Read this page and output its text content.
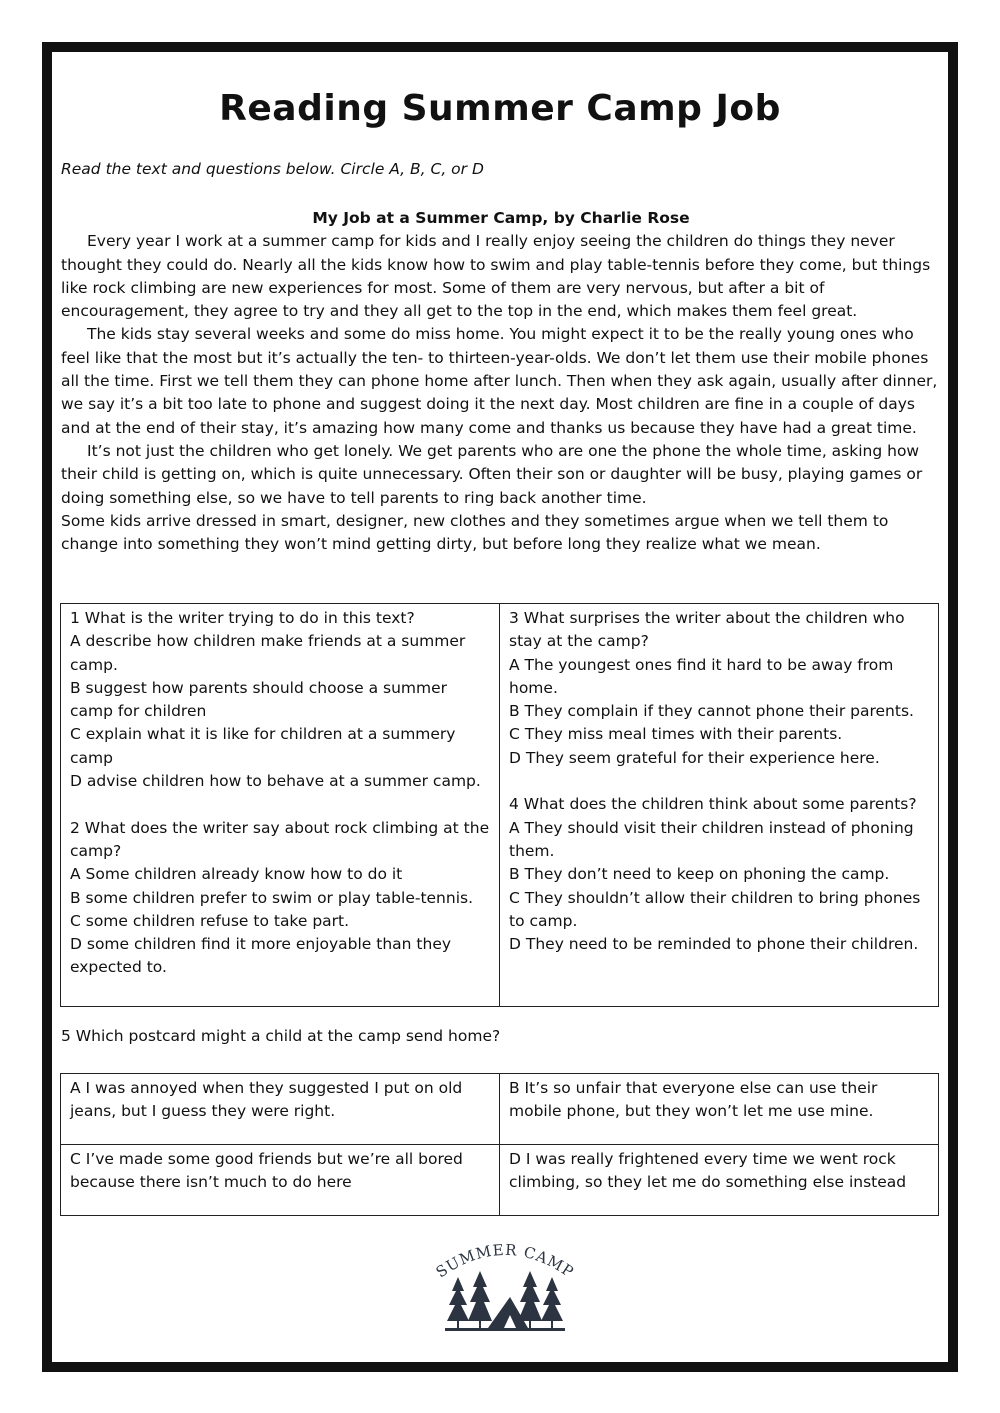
Reading Summer Camp Job
Read the text and questions below. Circle A, B, C, or D
My Job at a Summer Camp, by Charlie Rose

Every year I work at a summer camp for kids and I really enjoy seeing the children do things they never thought they could do. Nearly all the kids know how to swim and play table-tennis before they come, but things like rock climbing are new experiences for most. Some of them are very nervous, but after a bit of encouragement, they agree to try and they all get to the top in the end, which makes them feel great.

The kids stay several weeks and some do miss home. You might expect it to be the really young ones who feel like that the most but it’s actually the ten- to thirteen-year-olds. We don’t let them use their mobile phones all the time. First we tell them they can phone home after lunch. Then when they ask again, usually after dinner, we say it’s a bit too late to phone and suggest doing it the next day. Most children are fine in a couple of days and at the end of their stay, it’s amazing how many come and thanks us because they have had a great time.

It’s not just the children who get lonely. We get parents who are one the phone the whole time, asking how their child is getting on, which is quite unnecessary. Often their son or daughter will be busy, playing games or doing something else, so we have to tell parents to ring back another time.

Some kids arrive dressed in smart, designer, new clothes and they sometimes argue when we tell them to change into something they won’t mind getting dirty, but before long they realize what we mean.

1 What is the writer trying to do in this text?
A describe how children make friends at a summer camp.
B suggest how parents should choose a summer camp for children
C explain what it is like for children at a summery camp
D advise children how to behave at a summer camp.
2 What does the writer say about rock climbing at the camp?
A Some children already know how to do it
B some children prefer to swim or play table-tennis.
C some children refuse to take part.
D some children find it more enjoyable than they expected to.

3 What surprises the writer about the children who stay at the camp?
A The youngest ones find it hard to be away from home.
B They complain if they cannot phone their parents.
C They miss meal times with their parents.
D They seem grateful for their experience here.
4 What does the children think about some parents?
A They should visit their children instead of phoning them.
B They don’t need to keep on phoning the camp.
C They shouldn’t allow their children to bring phones to camp.
D They need to be reminded to phone their children.
5 Which postcard might a child at the camp send home?
A I was annoyed when they suggested I put on old jeans, but I guess they were right.	B It’s so unfair that everyone else can use their mobile phone, but they won’t let me use mine.
C I’ve made some good friends but we’re all bored because there isn’t much to do here	D I was really frightened every time we went rock climbing, so they let me do something else instead
SUMMER CAMP
